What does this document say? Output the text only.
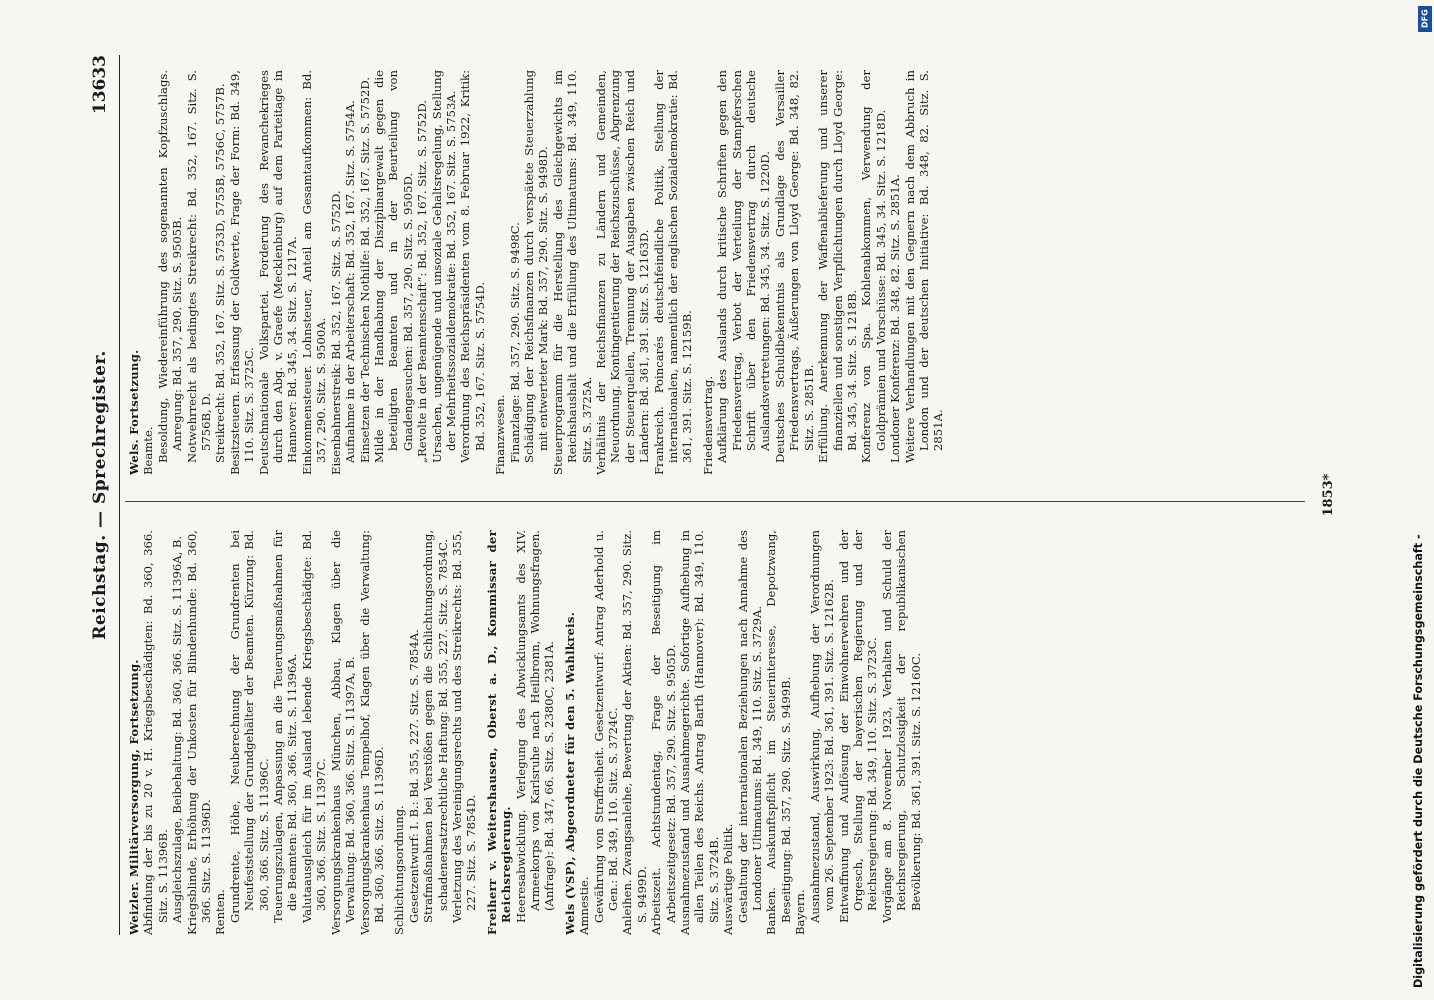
Reichstag. — Sprechregister.
13633

Weizler. Militärversorgung, Fortsetzung. Abfindung der bis zu 20 v. H. Kriegsbeschädigten: Bd. 360, 366. Sitz. S. 11396B. Ausgleichszulage, Beibehaltung: Bd. 360, 366. Sitz. S. 11396A, B. Kriegsblinde, Erhöhung der Unkosten für Blindenhunde: Bd. 360, 366. Sitz. S. 11396D. Renten. Grundrente, Höhe, Neuberechnung der Grundrenten bei Neufeststellung der Grundgehälter der Beamten. Kürzung: Bd. 360, 366. Sitz. S. 11396C. Teuerungszulagen, Anpassung an die Teuerungsmaßnahmen für die Beamten: Bd. 360, 366. Sitz. S. 11396A. Valutaausgleich für im Ausland lebende Kriegsbeschädigte: Bd. 360, 366. Sitz. S. 11397C. Versorgungskrankenhaus München, Abbau, Klagen über die Verwaltung: Bd. 360, 366. Sitz. S. 11397A, B. Versorgungskrankenhaus Tempelhof, Klagen über die Verwaltung: Bd. 360, 366. Sitz. S. 11396D. Schlichtungsordnung. Gesetzentwurf: I. B.: Bd. 355, 227. Sitz. S. 7854A. Strafmaßnahmen bei Verstößen gegen die Schlichtungsordnung, schadenersatzrechtliche Haftung: Bd. 355, 227. Sitz. S. 7854C. Verletzung des Vereinigungsrechts und des Streikrechts: Bd. 355, 227. Sitz. S. 7854D. Freiherr v. Weitershausen, Oberst a. D., Kommissar der Reichsregierung. Heeresabwicklung. Verlegung des Abwicklungsamts des XIV. Armeekorps von Karlsruhe nach Heilbronn, Wohnungsfragen. (Anfrage): Bd. 347, 66. Sitz. S. 2380C, 2381A. Wels (VSP), Abgeordneter für den 5. Wahlkreis. Amnestie. Gewährung von Straffreiheit. Gesetzentwurf: Antrag Aderhold u. Gen.: Bd. 349, 110. Sitz. S. 3724C. Anleihen. Zwangsanleihe, Bewertung der Aktien: Bd. 357, 290. Sitz. S. 9499D. Arbeitszeit. Achtstundentag, Frage der Beseitigung im Arbeitszeitgesetz: Bd. 357, 290. Sitz. S. 9505D. Ausnahmezustand und Ausnahmegerichte. Sofortige Aufhebung in allen Teilen des Reichs. Antrag Barth (Hannover): Bd. 349, 110. Sitz. S. 3724B. Auswärtige Politik. Gestaltung der internationalen Beziehungen nach Annahme des Londoner Ultimatums: Bd. 349, 110. Sitz. S. 3729A. Banken. Auskunftspflicht im Steuerinteresse, Depotzwang, Beseitigung: Bd. 357, 290. Sitz. S. 9499B. Bayern. Ausnahmezustand, Auswirkung, Aufhebung der Verordnungen vom 26. September 1923: Bd. 361, 391. Sitz. S. 12162B. Entwaffnung und Auflösung der Einwohnerwehren und der Orgesch, Stellung der bayerischen Regierung und der Reichsregierung: Bd. 349, 110. Sitz. S. 3723C. Vorgänge am 8. November 1923, Verhalten und Schuld der Reichsregierung, Schutzlosigkeit der republikanischen Bevölkerung: Bd. 361, 391. Sitz. S. 12160C.

Wels. Fortsetzung. Beamte. Besoldung, Wiedereinführung des sogenannten Kopfzuschlags. Anregung: Bd. 357, 290. Sitz. S. 9505B. Notwehrrecht als bedingtes Streikrecht: Bd. 352, 167. Sitz. S. 5756B, D. Streikrecht: Bd. 352, 167. Sitz. S. 5753D, 5755B, 5756C, 5757B. Besitzsteuern. Erfassung der Goldwerte, Frage der Form: Bd. 349, 110. Sitz. S. 3725C. Deutschnationale Volkspartei. Forderung des Revanchekrieges durch den Abg. v. Graefe (Mecklenburg) auf dem Parteitage in Hannover: Bd. 345, 34. Sitz. S. 1217A. Einkommensteuer. Lohnsteuer, Anteil am Gesamtaufkommen: Bd. 357, 290. Sitz. S. 9500A. Eisenbahnerstreik: Bd. 352, 167. Sitz. S. 5752D. Aufnahme in der Arbeiterschaft: Bd. 352, 167. Sitz. S. 5754A. Einsetzen der Technischen Nothilfe: Bd. 352, 167. Sitz. S. 5752D. Milde in der Handhabung der Disziplinargewalt gegen die beteiligten Beamten und in der Beurteilung von Gnadengesuchen: Bd. 357, 290. Sitz. S. 9505D. „Revolte in der Beamtenschaft“: Bd. 352, 167. Sitz. S. 5752D. Ursachen, ungenügende und unsoziale Gehaltsregelung, Stellung der Mehrheitssozialdemokratie: Bd. 352, 167. Sitz. S. 5753A. Verordnung des Reichspräsidenten vom 8. Februar 1922, Kritik: Bd. 352, 167. Sitz. S. 5754D. Finanzwesen. Finanzlage: Bd. 357, 290. Sitz. S. 9498C. Schädigung der Reichsfinanzen durch verspätete Steuerzahlung mit entwerteter Mark: Bd. 357, 290. Sitz. S. 9498D. Steuerprogramm für die Herstellung des Gleichgewichts im Reichshaushalt und die Erfüllung des Ultimatums: Bd. 349, 110. Sitz. S. 3725A. Verhältnis der Reichsfinanzen zu Ländern und Gemeinden, Neuordnung, Kontingentierung der Reichszuschüsse, Abgrenzung der Steuerquellen, Trennung der Ausgaben zwischen Reich und Ländern: Bd. 361, 391. Sitz. S. 12163D. Frankreich. Poincarés deutschfeindliche Politik, Stellung der internationalen, namentlich der englischen Sozialdemokratie: Bd. 361, 391. Sitz. S. 12159B. Friedensvertrag. Aufklärung des Auslands durch kritische Schriften gegen den Friedensvertrag, Verbot der Verteilung der Stampferschen Schrift über den Friedensvertrag durch deutsche Auslandsvertretungen: Bd. 345, 34. Sitz. S. 1220D. Deutsches Schuldbekenntnis als Grundlage des Versailler Friedensvertrags, Äußerungen von Lloyd George: Bd. 348, 82. Sitz. S. 2851B. Erfüllung. Anerkennung der Waffenablieferung und unserer finanziellen und sonstigen Verpflichtungen durch Lloyd George: Bd. 345, 34. Sitz. S. 1218B. Konferenz von Spa. Kohlenabkommen, Verwendung der Goldprämien und Vorschüsse: Bd. 345, 34. Sitz. S. 1218D. Londoner Konferenz: Bd. 348, 82. Sitz. S. 2851A. Weitere Verhandlungen mit den Gegnern nach dem Abbruch in London und der deutschen Initiative: Bd. 348, 82. Sitz. S. 2851A.

1853*
Digitalisierung gefördert durch die Deutsche Forschungsgemeinschaft -
DFG
